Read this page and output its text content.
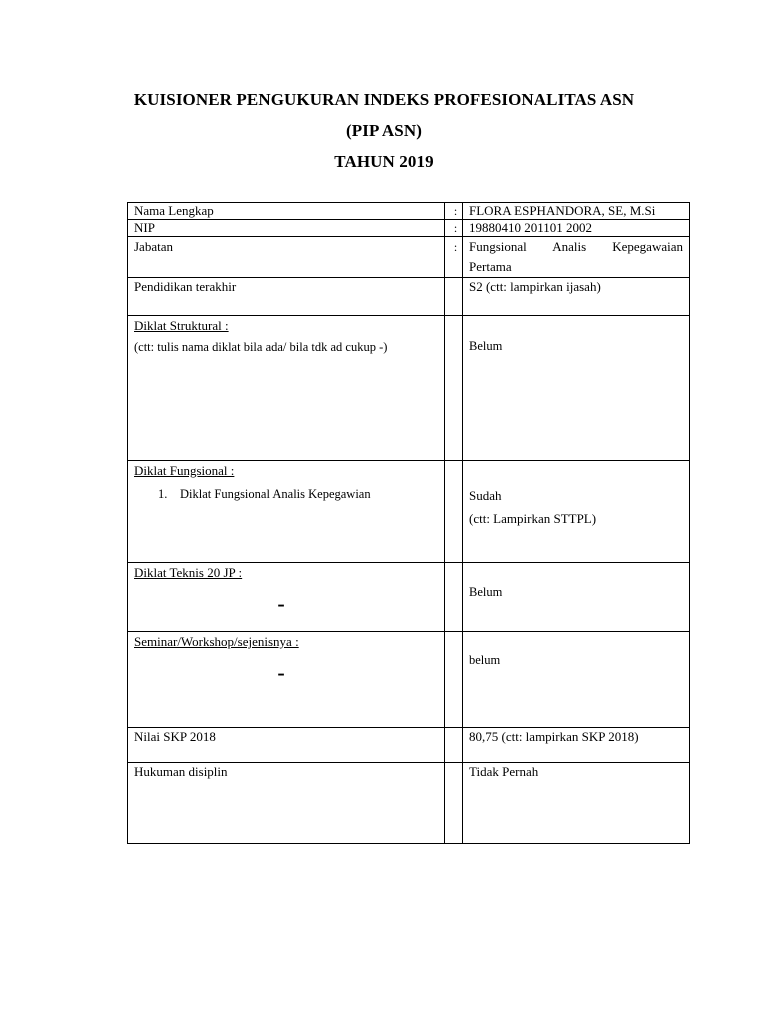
KUISIONER PENGUKURAN INDEKS PROFESIONALITAS ASN
(PIP ASN)
TAHUN 2019
Nama Lengkap	:	FLORA ESPHANDORA, SE, M.Si
NIP	:	19880410 201101 2002
Jabatan	:	Fungsional Analis Kepegawaian
Pertama
Pendidikan terakhir		S2 (ctt: lampirkan ijasah)

Diklat Struktural :
(ctt: tulis nama diklat bila ada/ bila tdk ad cukup -)		Belum

Diklat Fungsional :
1. Diklat Fungsional Analis Kepegawian		Sudah
(ctt: Lampirkan STTPL)

Diklat Teknis 20 JP :
-		Belum

Seminar/Workshop/sejenisnya :
-		belum

Nilai SKP 2018		80,75 (ctt: lampirkan SKP 2018)
Hukuman disiplin		Tidak Pernah
